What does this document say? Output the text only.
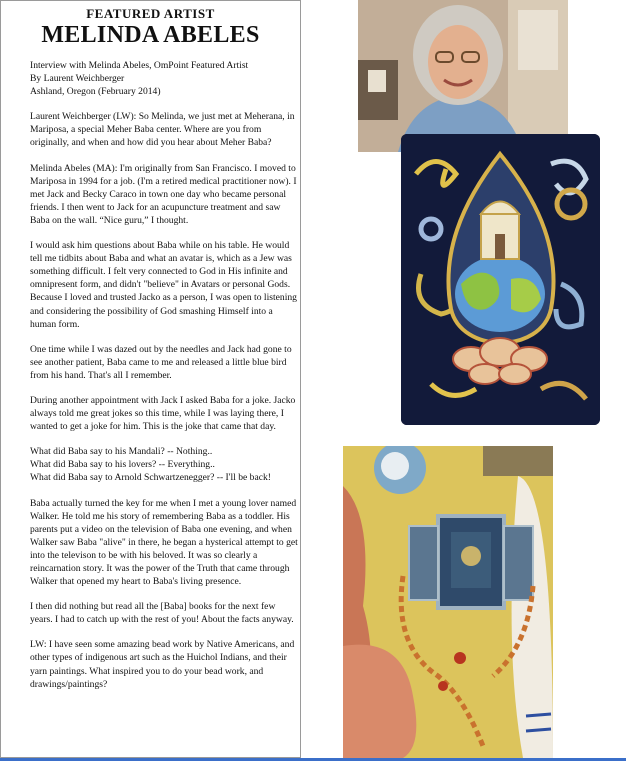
FEATURED ARTIST
MELINDA ABELES

Interview with Melinda Abeles, OmPoint Featured Artist
By Laurent Weichberger
Ashland, Oregon (February 2014)

Laurent Weichberger (LW): So Melinda, we just met at Meherana, in Mariposa, a special Meher Baba center. Where are you from originally, and when and how did you hear about Meher Baba?

Melinda Abeles (MA): I'm originally from San Francisco. I moved to Mariposa in 1994 for a job. (I'm a retired medical practitioner now). I met Jack and Becky Caraco in town one day who became personal friends. I then went to Jack for an acupuncture treatment and saw Baba on the wall. “Nice guru,” I thought.

I would ask him questions about Baba while on his table. He would tell me tidbits about Baba and what an avatar is, which as a Jew was something difficult. I felt very connected to God in His infinite and omnipresent form, and didn't "believe" in Avatars or personal Gods. Because I loved and trusted Jacko as a person, I was open to listening and considering the possibility of God smashing Himself into a human form.

One time while I was dazed out by the needles and Jack had gone to see another patient, Baba came to me and released a little blue bird from his hand. That's all I remember.

During another appointment with Jack I asked Baba for a joke. Jacko always told me great jokes so this time, while I was laying there, I wanted to get a joke for him. This is the joke that came that day.

What did Baba say to his Mandali? -- Nothing..
What did Baba say to his lovers? -- Everything..
What did Baba say to Arnold Schwartzenegger? -- I'll be back!

Baba actually turned the key for me when I met a young lover named Walker. He told me his story of remembering Baba as a toddler. His parents put a video on the television of Baba one evening, and when Walker saw Baba "alive" in there, he began a hysterical attempt to get into the televison to be with his beloved. It was so clearly a reincarnation story. It was the power of the Truth that came through Walker that opened my heart to Baba's living presence.

I then did nothing but read all the [Baba] books for the next few years. I had to catch up with the rest of you! About the facts anyway.

LW: I have seen some amazing bead work by Native Americans, and other types of indigenous art such as the Huichol Indians, and their yarn paintings. What inspired you to do your bead work, and drawings/paintings?
